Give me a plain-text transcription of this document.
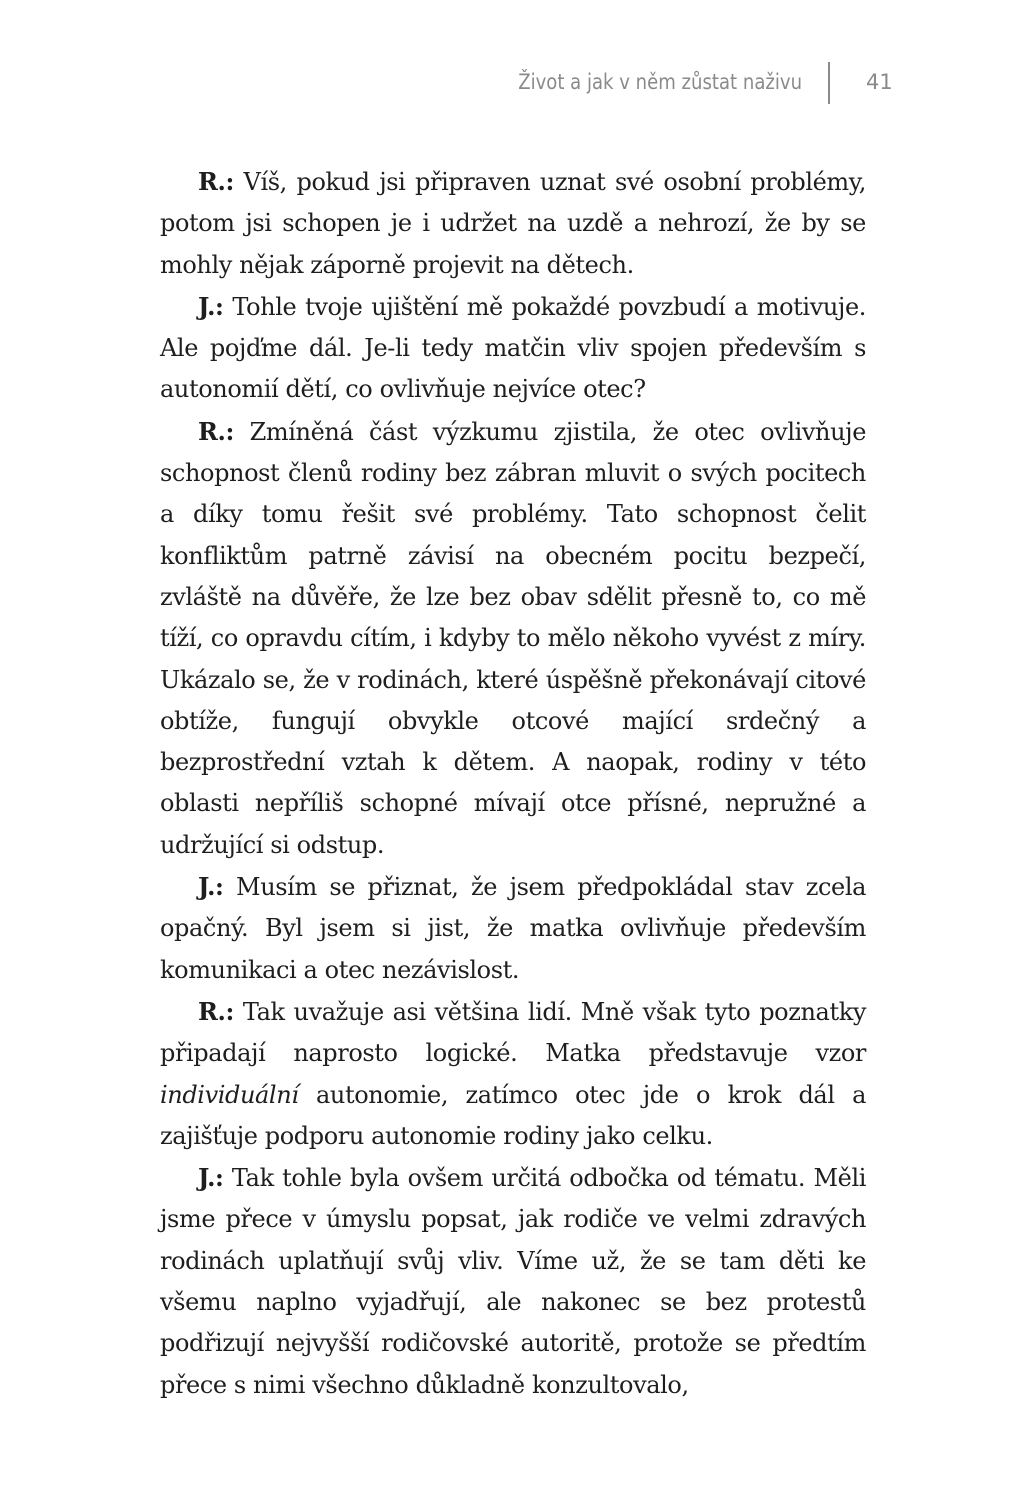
Život a jak v něm zůstat naživu	41

R.: Víš, pokud jsi připraven uznat své osobní problémy, potom jsi schopen je i udržet na uzdě a nehrozí, že by se mohly nějak záporně projevit na dětech.

J.: Tohle tvoje ujištění mě pokaždé povzbudí a motivuje. Ale pojďme dál. Je-li tedy matčin vliv spojen především s autonomií dětí, co ovlivňuje nejvíce otec?

R.: Zmíněná část výzkumu zjistila, že otec ovlivňuje schopnost členů rodiny bez zábran mluvit o svých pocitech a díky tomu řešit své problémy. Tato schopnost čelit konfliktům patrně závisí na obecném pocitu bezpečí, zvláště na důvěře, že lze bez obav sdělit přesně to, co mě tíží, co opravdu cítím, i kdyby to mělo někoho vyvést z míry. Ukázalo se, že v rodinách, které úspěšně překonávají citové obtíže, fungují obvykle otcové mající srdečný a bezprostřední vztah k dětem. A naopak, rodiny v této oblasti nepříliš schopné mívají otce přísné, nepružné a udržující si odstup.

J.: Musím se přiznat, že jsem předpokládal stav zcela opačný. Byl jsem si jist, že matka ovlivňuje především komunikaci a otec nezávislost.

R.: Tak uvažuje asi většina lidí. Mně však tyto poznatky připadají naprosto logické. Matka představuje vzor individuální autonomie, zatímco otec jde o krok dál a zajišťuje podporu autonomie rodiny jako celku.

J.: Tak tohle byla ovšem určitá odbočka od tématu. Měli jsme přece v úmyslu popsat, jak rodiče ve velmi zdravých rodinách uplatňují svůj vliv. Víme už, že se tam děti ke všemu naplno vyjadřují, ale nakonec se bez protestů podřizují nejvyšší rodičovské autoritě, protože se předtím přece s nimi všechno důkladně konzultovalo,
